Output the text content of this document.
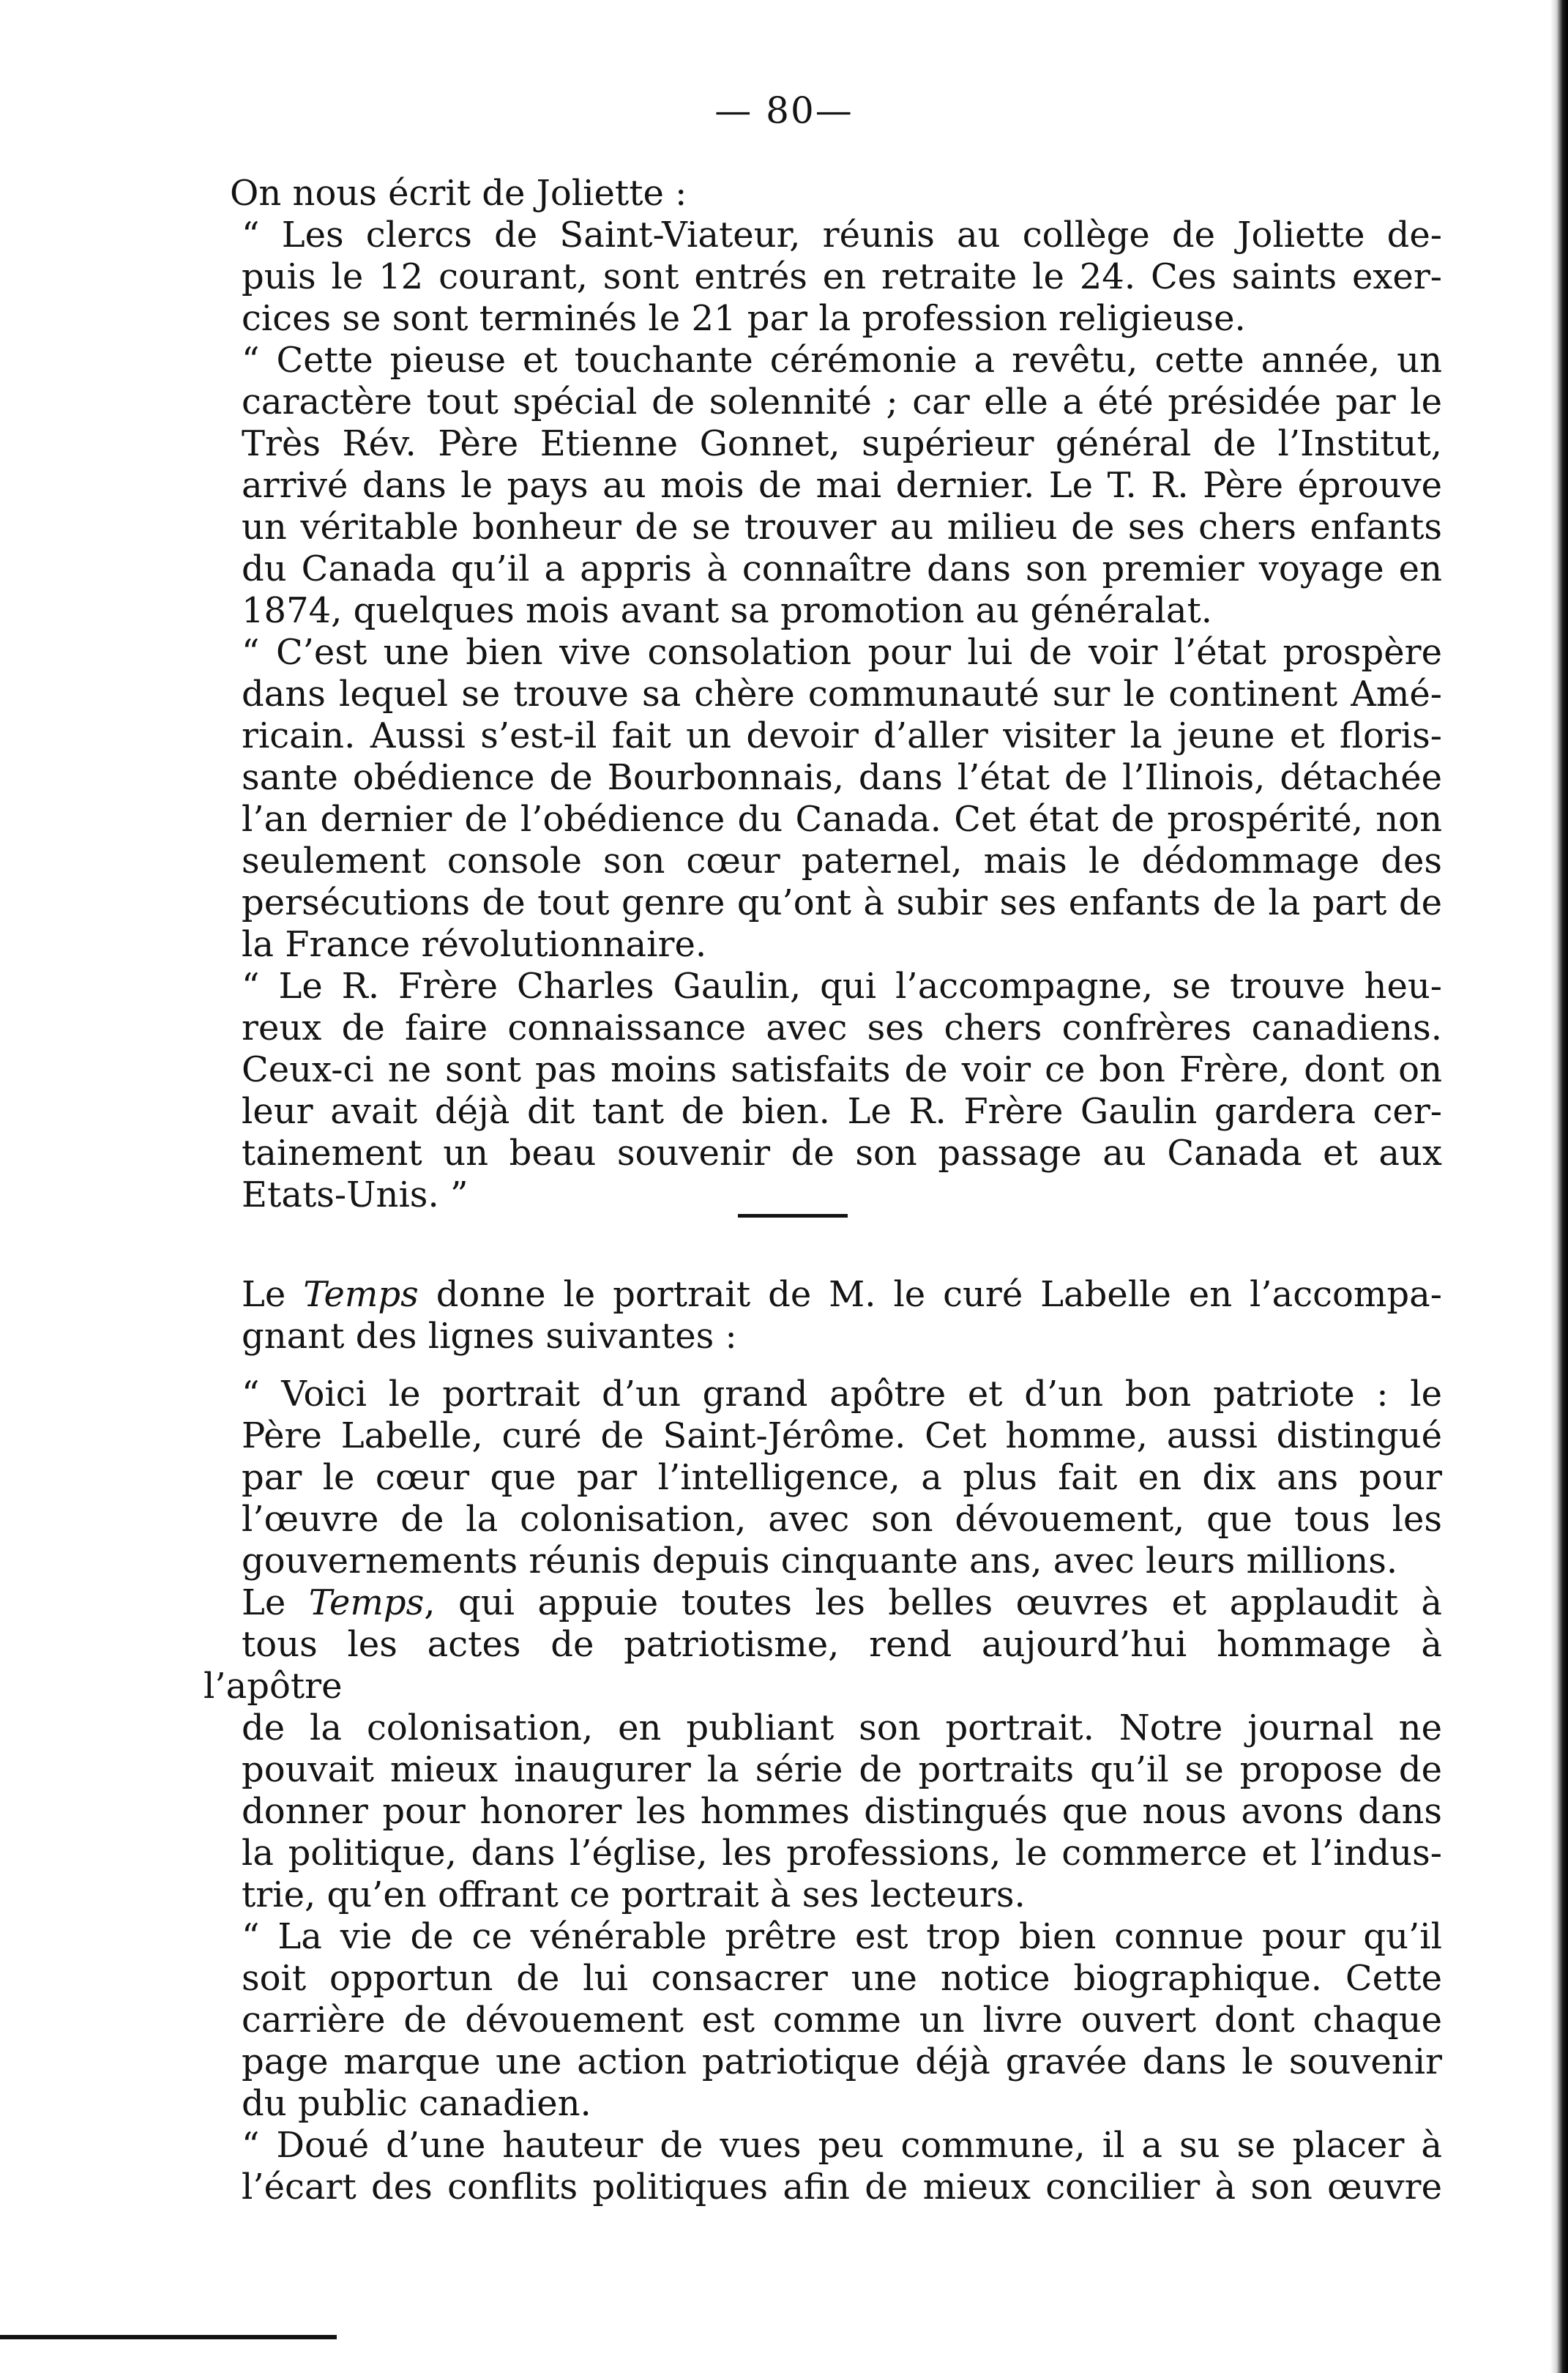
— 80—

On nous écrit de Joliette :

“ Les clercs de Saint-Viateur, réunis au collège de Joliette de-
puis le 12 courant, sont entrés en retraite le 24. Ces saints exer-
cices se sont terminés le 21 par la profession religieuse.

“ Cette pieuse et touchante cérémonie a revêtu, cette année, un
caractère tout spécial de solennité ; car elle a été présidée par le
Très Rév. Père Etienne Gonnet, supérieur général de l’Institut,
arrivé dans le pays au mois de mai dernier. Le T. R. Père éprouve
un véritable bonheur de se trouver au milieu de ses chers enfants
du Canada qu’il a appris à connaître dans son premier voyage en
1874, quelques mois avant sa promotion au généralat.

“ C’est une bien vive consolation pour lui de voir l’état prospère
dans lequel se trouve sa chère communauté sur le continent Amé-
ricain. Aussi s’est-il fait un devoir d’aller visiter la jeune et floris-
sante obédience de Bourbonnais, dans l’état de l’Ilinois, détachée
l’an dernier de l’obédience du Canada. Cet état de prospérité, non
seulement console son cœur paternel, mais le dédommage des
persécutions de tout genre qu’ont à subir ses enfants de la part de
la France révolutionnaire.

“ Le R. Frère Charles Gaulin, qui l’accompagne, se trouve heu-
reux de faire connaissance avec ses chers confrères canadiens.
Ceux-ci ne sont pas moins satisfaits de voir ce bon Frère, dont on
leur avait déjà dit tant de bien. Le R. Frère Gaulin gardera cer-
tainement un beau souvenir de son passage au Canada et aux
Etats-Unis. ”

Le Temps donne le portrait de M. le curé Labelle en l’accompa-
gnant des lignes suivantes :

“ Voici le portrait d’un grand apôtre et d’un bon patriote : le
Père Labelle, curé de Saint-Jérôme. Cet homme, aussi distingué
par le cœur que par l’intelligence, a plus fait en dix ans pour
l’œuvre de la colonisation, avec son dévouement, que tous les
gouvernements réunis depuis cinquante ans, avec leurs millions.

Le Temps, qui appuie toutes les belles œuvres et applaudit à
tous les actes de patriotisme, rend aujourd’hui hommage à l’apôtre
de la colonisation, en publiant son portrait. Notre journal ne
pouvait mieux inaugurer la série de portraits qu’il se propose de
donner pour honorer les hommes distingués que nous avons dans
la politique, dans l’église, les professions, le commerce et l’indus-
trie, qu’en offrant ce portrait à ses lecteurs.

“ La vie de ce vénérable prêtre est trop bien connue pour qu’il
soit opportun de lui consacrer une notice biographique. Cette
carrière de dévouement est comme un livre ouvert dont chaque
page marque une action patriotique déjà gravée dans le souvenir
du public canadien.

“ Doué d’une hauteur de vues peu commune, il a su se placer à
l’écart des conflits politiques afin de mieux concilier à son œuvre
